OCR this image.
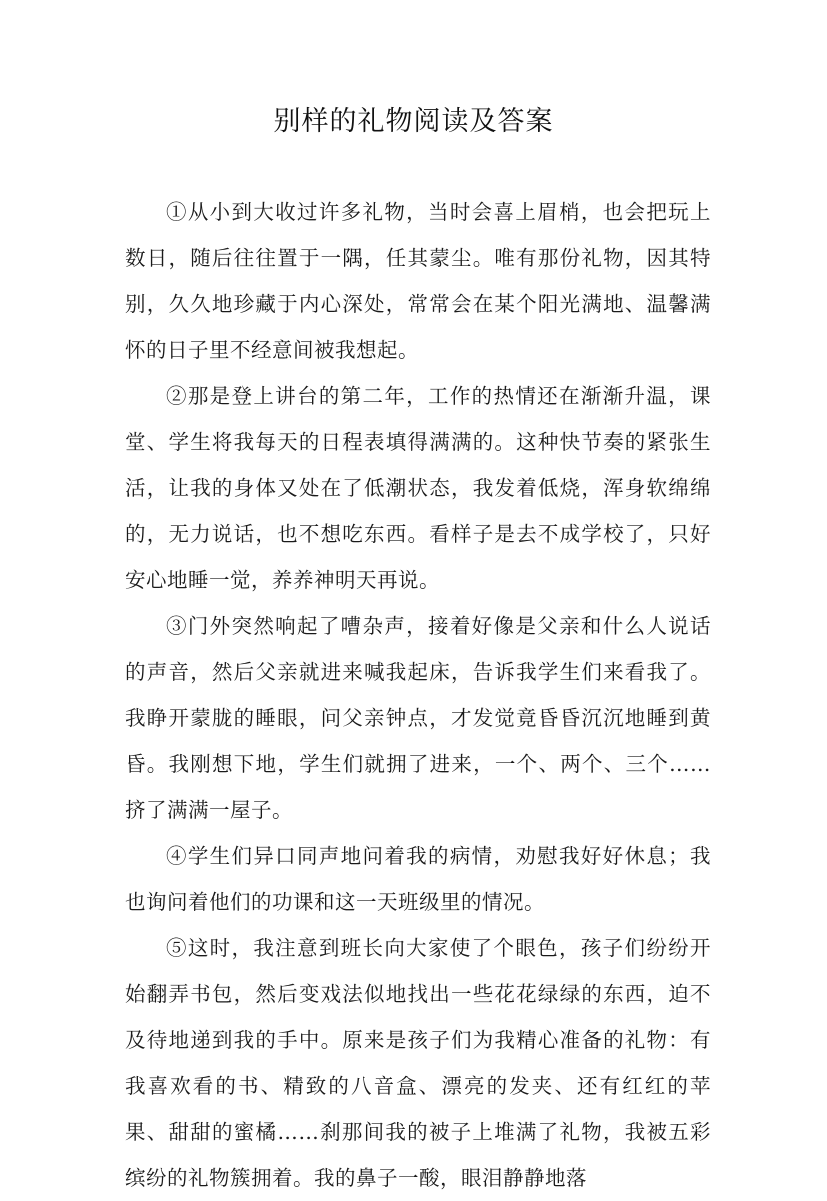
别样的礼物阅读及答案

①从小到大收过许多礼物，当时会喜上眉梢，也会把玩上数日，随后往往置于一隅，任其蒙尘。唯有那份礼物，因其特别，久久地珍藏于内心深处，常常会在某个阳光满地、温馨满怀的日子里不经意间被我想起。

②那是登上讲台的第二年，工作的热情还在渐渐升温，课堂、学生将我每天的日程表填得满满的。这种快节奏的紧张生活，让我的身体又处在了低潮状态，我发着低烧，浑身软绵绵的，无力说话，也不想吃东西。看样子是去不成学校了，只好安心地睡一觉，养养神明天再说。

③门外突然响起了嘈杂声，接着好像是父亲和什么人说话的声音，然后父亲就进来喊我起床，告诉我学生们来看我了。我睁开蒙胧的睡眼，问父亲钟点，才发觉竟昏昏沉沉地睡到黄昏。我刚想下地，学生们就拥了进来，一个、两个、三个……挤了满满一屋子。

④学生们异口同声地问着我的病情，劝慰我好好休息；我也询问着他们的功课和这一天班级里的情况。

⑤这时，我注意到班长向大家使了个眼色，孩子们纷纷开始翻弄书包，然后变戏法似地找出一些花花绿绿的东西，迫不及待地递到我的手中。原来是孩子们为我精心准备的礼物：有我喜欢看的书、精致的八音盒、漂亮的发夹、还有红红的苹果、甜甜的蜜橘……刹那间我的被子上堆满了礼物，我被五彩缤纷的礼物簇拥着。我的鼻子一酸，眼泪静静地落
